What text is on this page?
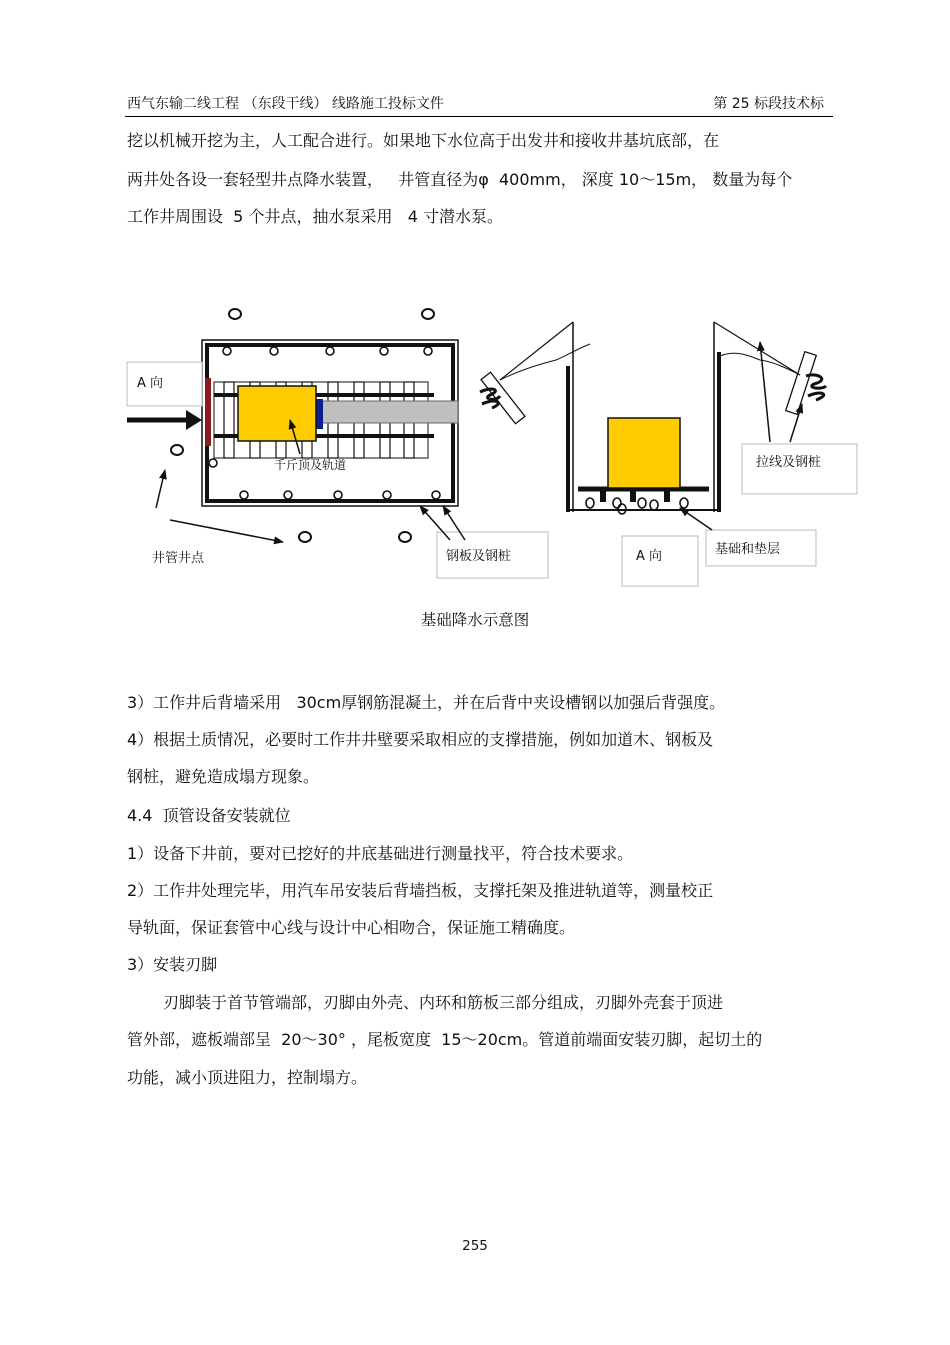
西气东输二线工程 （东段干线） 线路施工投标文件	第 25 标段技术标
挖以机械开挖为主，人工配合进行。如果地下水位高于出发井和接收井基坑底部，在
两井处各设一套轻型井点降水装置，   井管直径为φ  400mm， 深度 10～15m， 数量为每个
工作井周围设  5 个井点，抽水泵采用   4 寸潜水泵。
A 向
千斤顶及轨道
井管井点	钢板及钢桩
拉线及钢桩
A 向	基础和垫层
基础降水示意图
3）工作井后背墙采用   30cm厚钢筋混凝土，并在后背中夹设槽钢以加强后背强度。
4）根据土质情况，必要时工作井井壁要采取相应的支撑措施，例如加道木、钢板及
钢桩，避免造成塌方现象。
4.4  顶管设备安装就位
1）设备下井前，要对已挖好的井底基础进行测量找平，符合技术要求。
2）工作井处理完毕，用汽车吊安装后背墙挡板，支撑托架及推进轨道等，测量校正
导轨面，保证套管中心线与设计中心相吻合，保证施工精确度。
3）安装刃脚
刃脚装于首节管端部，刃脚由外壳、内环和筋板三部分组成，刃脚外壳套于顶进
管外部，遮板端部呈  20～30° ，尾板宽度  15～20cm。管道前端面安装刃脚，起切土的
功能，减小顶进阻力，控制塌方。
255
